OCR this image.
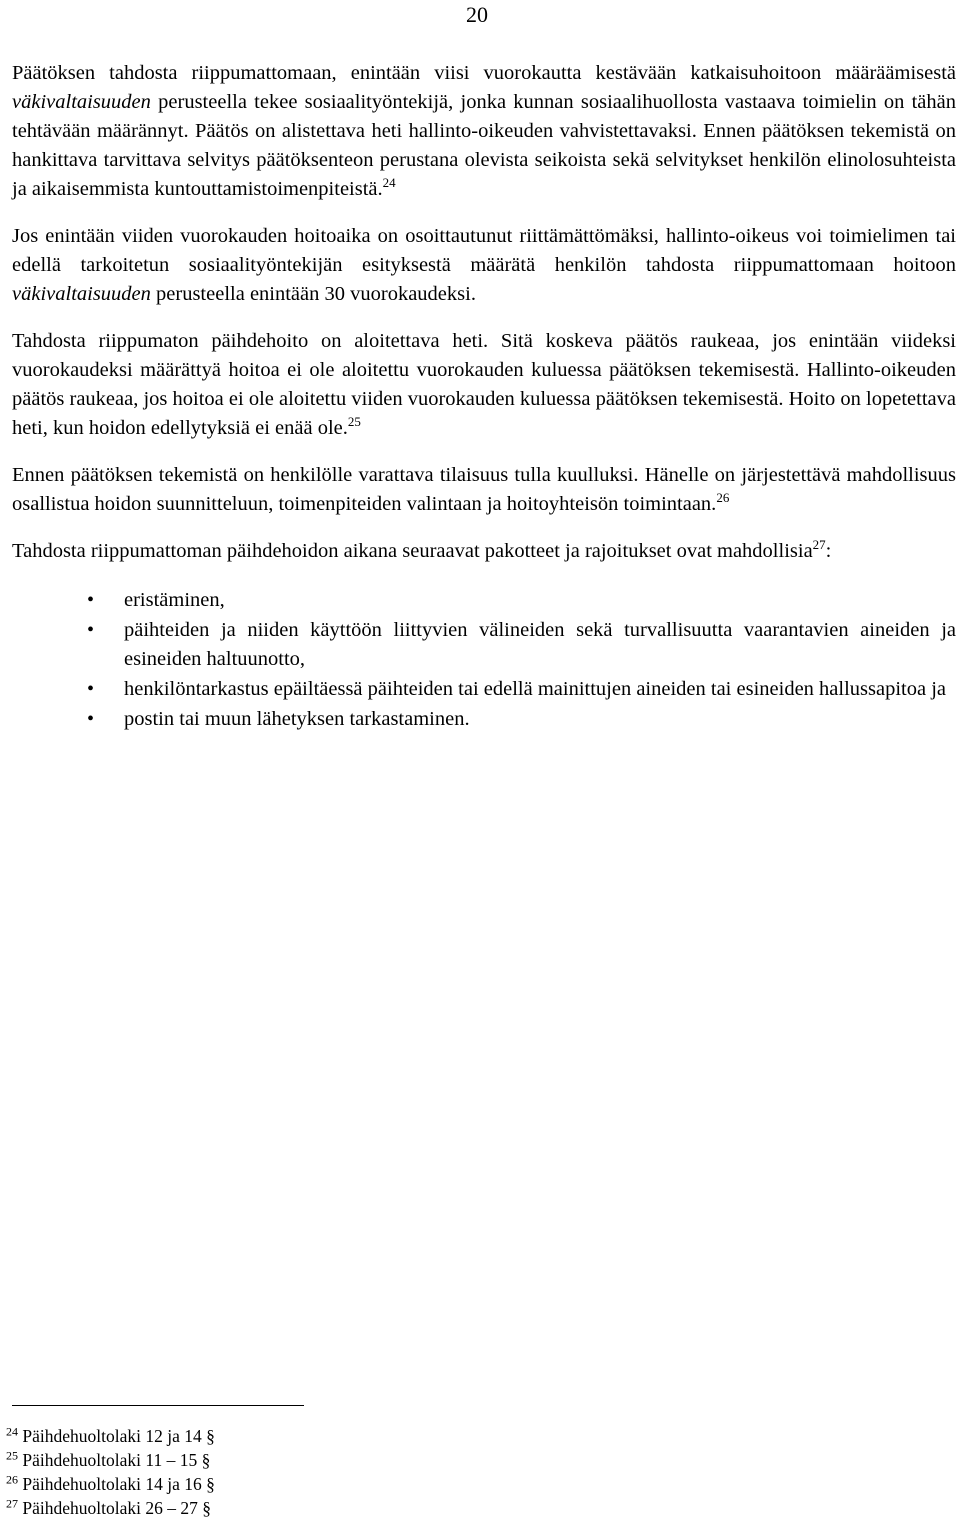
20

Päätöksen tahdosta riippumattomaan, enintään viisi vuorokautta kestävään katkaisuhoitoon määräämisestä väkivaltaisuuden perusteella tekee sosiaalityöntekijä, jonka kunnan sosiaalihuollosta vastaava toimielin on tähän tehtävään määrännyt. Päätös on alistettava heti hallinto-oikeuden vahvistettavaksi. Ennen päätöksen tekemistä on hankittava tarvittava selvitys päätöksenteon perustana olevista seikoista sekä selvitykset henkilön elinolosuhteista ja aikaisemmista kuntouttamistoimenpiteistä.$^{24}$

Jos enintään viiden vuorokauden hoitoaika on osoittautunut riittämättömäksi, hallinto-oikeus voi toimielimen tai edellä tarkoitetun sosiaalityöntekijän esityksestä määrätä henkilön tahdosta riippumattomaan hoitoon väkivaltaisuuden perusteella enintään 30 vuorokaudeksi.

Tahdosta riippumaton päihdehoito on aloitettava heti. Sitä koskeva päätös raukeaa, jos enintään viideksi vuorokaudeksi määrättyä hoitoa ei ole aloitettu vuorokauden kuluessa päätöksen tekemisestä. Hallinto-oikeuden päätös raukeaa, jos hoitoa ei ole aloitettu viiden vuorokauden kuluessa päätöksen tekemisestä. Hoito on lopetettava heti, kun hoidon edellytyksiä ei enää ole.$^{25}$

Ennen päätöksen tekemistä on henkilölle varattava tilaisuus tulla kuulluksi. Hänelle on järjestettävä mahdollisuus osallistua hoidon suunnitteluun, toimenpiteiden valintaan ja hoitoyhteisön toimintaan.$^{26}$

Tahdosta riippumattoman päihdehoidon aikana seuraavat pakotteet ja rajoitukset ovat mahdollisia$^{27}$:

• eristäminen,
• päihteiden ja niiden käyttöön liittyvien välineiden sekä turvallisuutta vaarantavien aineiden ja esineiden haltuunotto,
• henkilöntarkastus epäiltäessä päihteiden tai edellä mainittujen aineiden tai esineiden hallussapitoa ja
• postin tai muun lähetyksen tarkastaminen.

$^{24}$ Päihdehuoltolaki 12 ja 14 §

$^{25}$ Päihdehuoltolaki 11 – 15 §

$^{26}$ Päihdehuoltolaki 14 ja 16 §

$^{27}$ Päihdehuoltolaki 26 – 27 §
